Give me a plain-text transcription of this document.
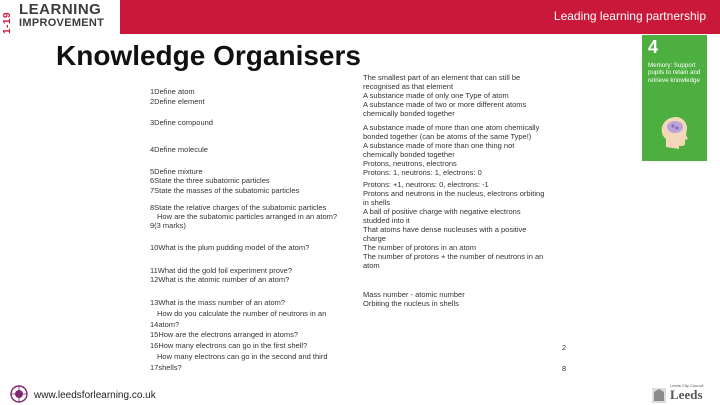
1-19
LEARNING
IMPROVEMENT	Leading learning partnership
Knowledge Organisers	4
Memory: Support pupils to retain and retrieve knowledge
1Define atom
2Define element
3Define compound
4Define molecule
5Define mixture
6State the three subatomic particles
7State the masses of the subatomic particles
8State the relative charges of the subatomic particles
How are the subatomic particles arranged in an atom?
9(3 marks)
10What is the plum pudding model of the atom?
11What did the gold foil experiment prove?
12What is the atomic number of an atom?
13What is the mass number of an atom?
How do you calculate the number of neutrons in an
14atom?
15How are the electrons arranged in atoms?
16How many electrons can go in the first shell?
How many electrons can go in the second and third
17shells?
The smallest part of an element that can still be
recognised as that element
A substance made of only one Type of atom
A substance made of two or more different atoms
chemically bonded together
A substance made of more than one atom chemically
bonded together (can be atoms of the same Type!)
A substance made of more than one thing not
chemically bonded together
Protons, neutrons, electrons
Protons: 1, neutrons: 1, electrons: 0
Protons: +1, neutrons: 0, electrons: -1
Protons and neutrons in the nucleus, electrons orbiting
in shells
A ball of positive charge with negative electrons
studded into it
That atoms have dense nucleuses with a positive
charge
The number of protons in an atom
The number of protons + the number of neutrons in an
atom
Mass number - atomic number
Orbiting the nucleus in shells
2
8
www.leedsforlearning.co.uk
Leeds City Council
Leeds
